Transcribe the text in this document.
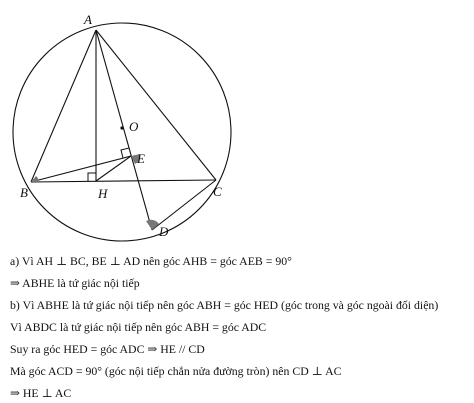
A
B	C
D
E
H
O
a) Vì AH ⊥ BC, BE ⊥ AD nên góc AHB = góc AEB = 90°
⇒ ABHE là tứ giác nội tiếp
b) Vì ABHE là tứ giác nội tiếp nên góc ABH = góc HED (góc trong và góc ngoài đối diện)
Vì ABDC là tứ giác nội tiếp nên góc ABH = góc ADC
Suy ra góc HED = góc ADC ⇒ HE // CD
Mà góc ACD = 90° (góc nội tiếp chắn nửa đường tròn) nên CD ⊥ AC
⇒ HE ⊥ AC
